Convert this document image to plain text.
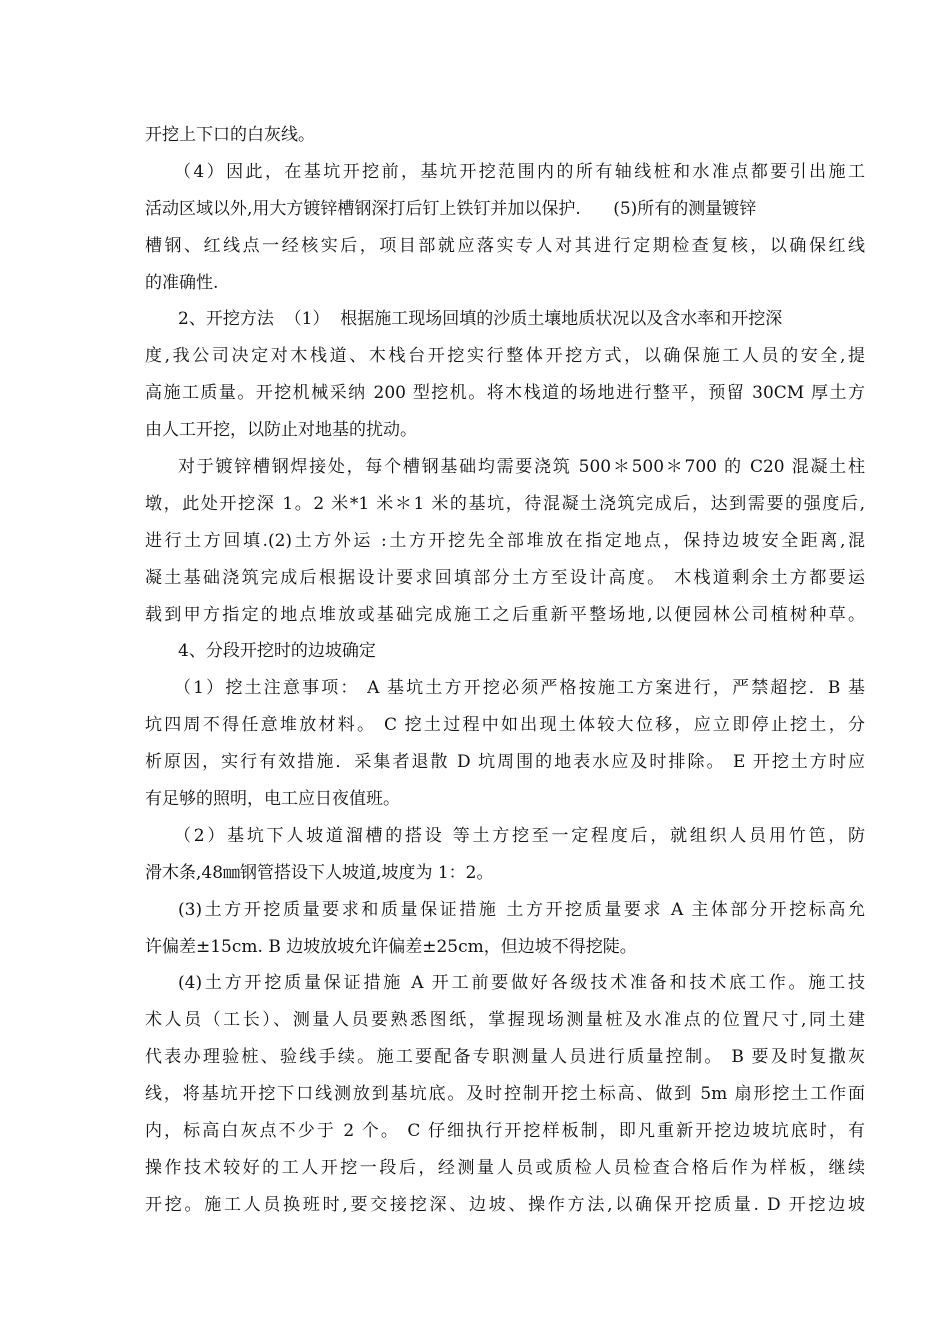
开挖上下口的白灰线。
（4）因此，在基坑开挖前，基坑开挖范围内的所有轴线桩和水准点都要引出施工
活动区域以外,用大方镀锌槽钢深打后钉上铁钉并加以保护.      (5)所有的测量镀锌
槽钢、红线点一经核实后，项目部就应落实专人对其进行定期检查复核，以确保红线
的准确性.
2、开挖方法  （1）  根据施工现场回填的沙质土壤地质状况以及含水率和开挖深
度,我公司决定对木栈道、木栈台开挖实行整体开挖方式，以确保施工人员的安全,提
高施工质量。开挖机械采纳 200 型挖机。将木栈道的场地进行整平，预留 30CM 厚土方
由人工开挖，以防止对地基的扰动。
对于镀锌槽钢焊接处，每个槽钢基础均需要浇筑 500＊500＊700 的 C20 混凝土柱
墩，此处开挖深 1。2 米*1 米＊1 米的基坑，待混凝土浇筑完成后，达到需要的强度后,
进行土方回填.(2)土方外运 :土方开挖先全部堆放在指定地点，保持边坡安全距离,混
凝土基础浇筑完成后根据设计要求回填部分土方至设计高度。 木栈道剩余土方都要运
载到甲方指定的地点堆放或基础完成施工之后重新平整场地,以便园林公司植树种草。
4、分段开挖时的边坡确定
（1）挖土注意事项： A 基坑土方开挖必须严格按施工方案进行，严禁超挖．B 基
坑四周不得任意堆放材料。 C 挖土过程中如出现土体较大位移，应立即停止挖土，分
析原因，实行有效措施．采集者退散 D 坑周围的地表水应及时排除。 E 开挖土方时应
有足够的照明，电工应日夜值班。
（2）基坑下人坡道溜槽的搭设 等土方挖至一定程度后，就组织人员用竹笆，防
滑木条,48㎜钢管搭设下人坡道,坡度为 1：2。
(3)土方开挖质量要求和质量保证措施 土方开挖质量要求 A 主体部分开挖标高允
许偏差±15cm. B 边坡放坡允许偏差±25cm，但边坡不得挖陡。
(4)土方开挖质量保证措施 A 开工前要做好各级技术准备和技术底工作。施工技
术人员（工长）、测量人员要熟悉图纸，掌握现场测量桩及水准点的位置尺寸,同土建
代表办理验桩、验线手续。施工要配备专职测量人员进行质量控制。 B 要及时复撒灰
线，将基坑开挖下口线测放到基坑底。及时控制开挖土标高、做到 5m 扇形挖土工作面
内，标高白灰点不少于 2 个。 C 仔细执行开挖样板制，即凡重新开挖边坡坑底时，有
操作技术较好的工人开挖一段后，经测量人员或质检人员检查合格后作为样板，继续
开挖。施工人员换班时,要交接挖深、边坡、操作方法,以确保开挖质量. D 开挖边坡
